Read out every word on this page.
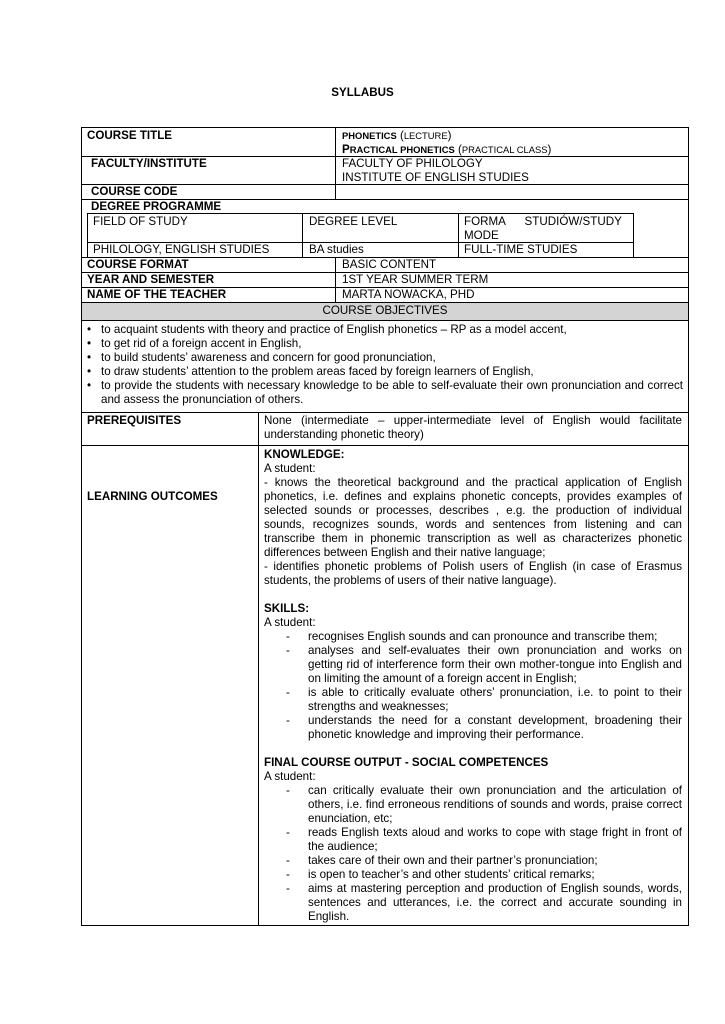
SYLLABUS
COURSE TITLE	PHONETICS (LECTURE)
PRACTICAL PHONETICS (PRACTICAL CLASS)
FACULTY/INSTITUTE	FACULTY OF PHILOLOGY
INSTITUTE OF ENGLISH STUDIES
COURSE CODE
DEGREE PROGRAMME
FIELD OF STUDY	DEGREE LEVEL	FORMA      STUDIÓW/STUDY
MODE
PHILOLOGY, ENGLISH STUDIES	BA studies	FULL-TIME STUDIES
COURSE FORMAT	BASIC CONTENT
YEAR AND SEMESTER	1ST YEAR SUMMER TERM
NAME OF THE TEACHER	MARTA NOWACKA, PHD
COURSE OBJECTIVES
• to acquaint students with theory and practice of English phonetics – RP as a model accent,
• to get rid of a foreign accent in English,
• to build students’ awareness and concern for good pronunciation,
• to draw students’ attention to the problem areas faced by foreign learners of English,
• to provide the students with necessary knowledge to be able to self-evaluate their own pronunciation and correct and assess the pronunciation of others.
PREREQUISITES	None (intermediate – upper-intermediate level of English would facilitate understanding phonetic theory)
LEARNING OUTCOMES
KNOWLEDGE:
A student:
- knows the theoretical background and the practical application of English phonetics, i.e. defines and explains phonetic concepts, provides examples of selected sounds or processes, describes , e.g. the production of individual sounds, recognizes sounds, words and sentences from listening and can transcribe them in phonemic transcription as well as characterizes phonetic differences between English and their native language;
- identifies phonetic problems of Polish users of English (in case of Erasmus students, the problems of users of their native language).
SKILLS:
A student:
- recognises English sounds and can pronounce and transcribe them;
- analyses and self-evaluates their own pronunciation and works on getting rid of interference form their own mother-tongue into English and on limiting the amount of a foreign accent in English;
- is able to critically evaluate others’ pronunciation, i.e. to point to their strengths and weaknesses;
- understands the need for a constant development, broadening their phonetic knowledge and improving their performance.
FINAL COURSE OUTPUT - SOCIAL COMPETENCES
A student:
- can critically evaluate their own pronunciation and the articulation of others, i.e. find erroneous renditions of sounds and words, praise correct enunciation, etc;
- reads English texts aloud and works to cope with stage fright in front of the audience;
- takes care of their own and their partner’s pronunciation;
- is open to teacher’s and other students’ critical remarks;
- aims at mastering perception and production of English sounds, words, sentences and utterances, i.e. the correct and accurate sounding in English.
